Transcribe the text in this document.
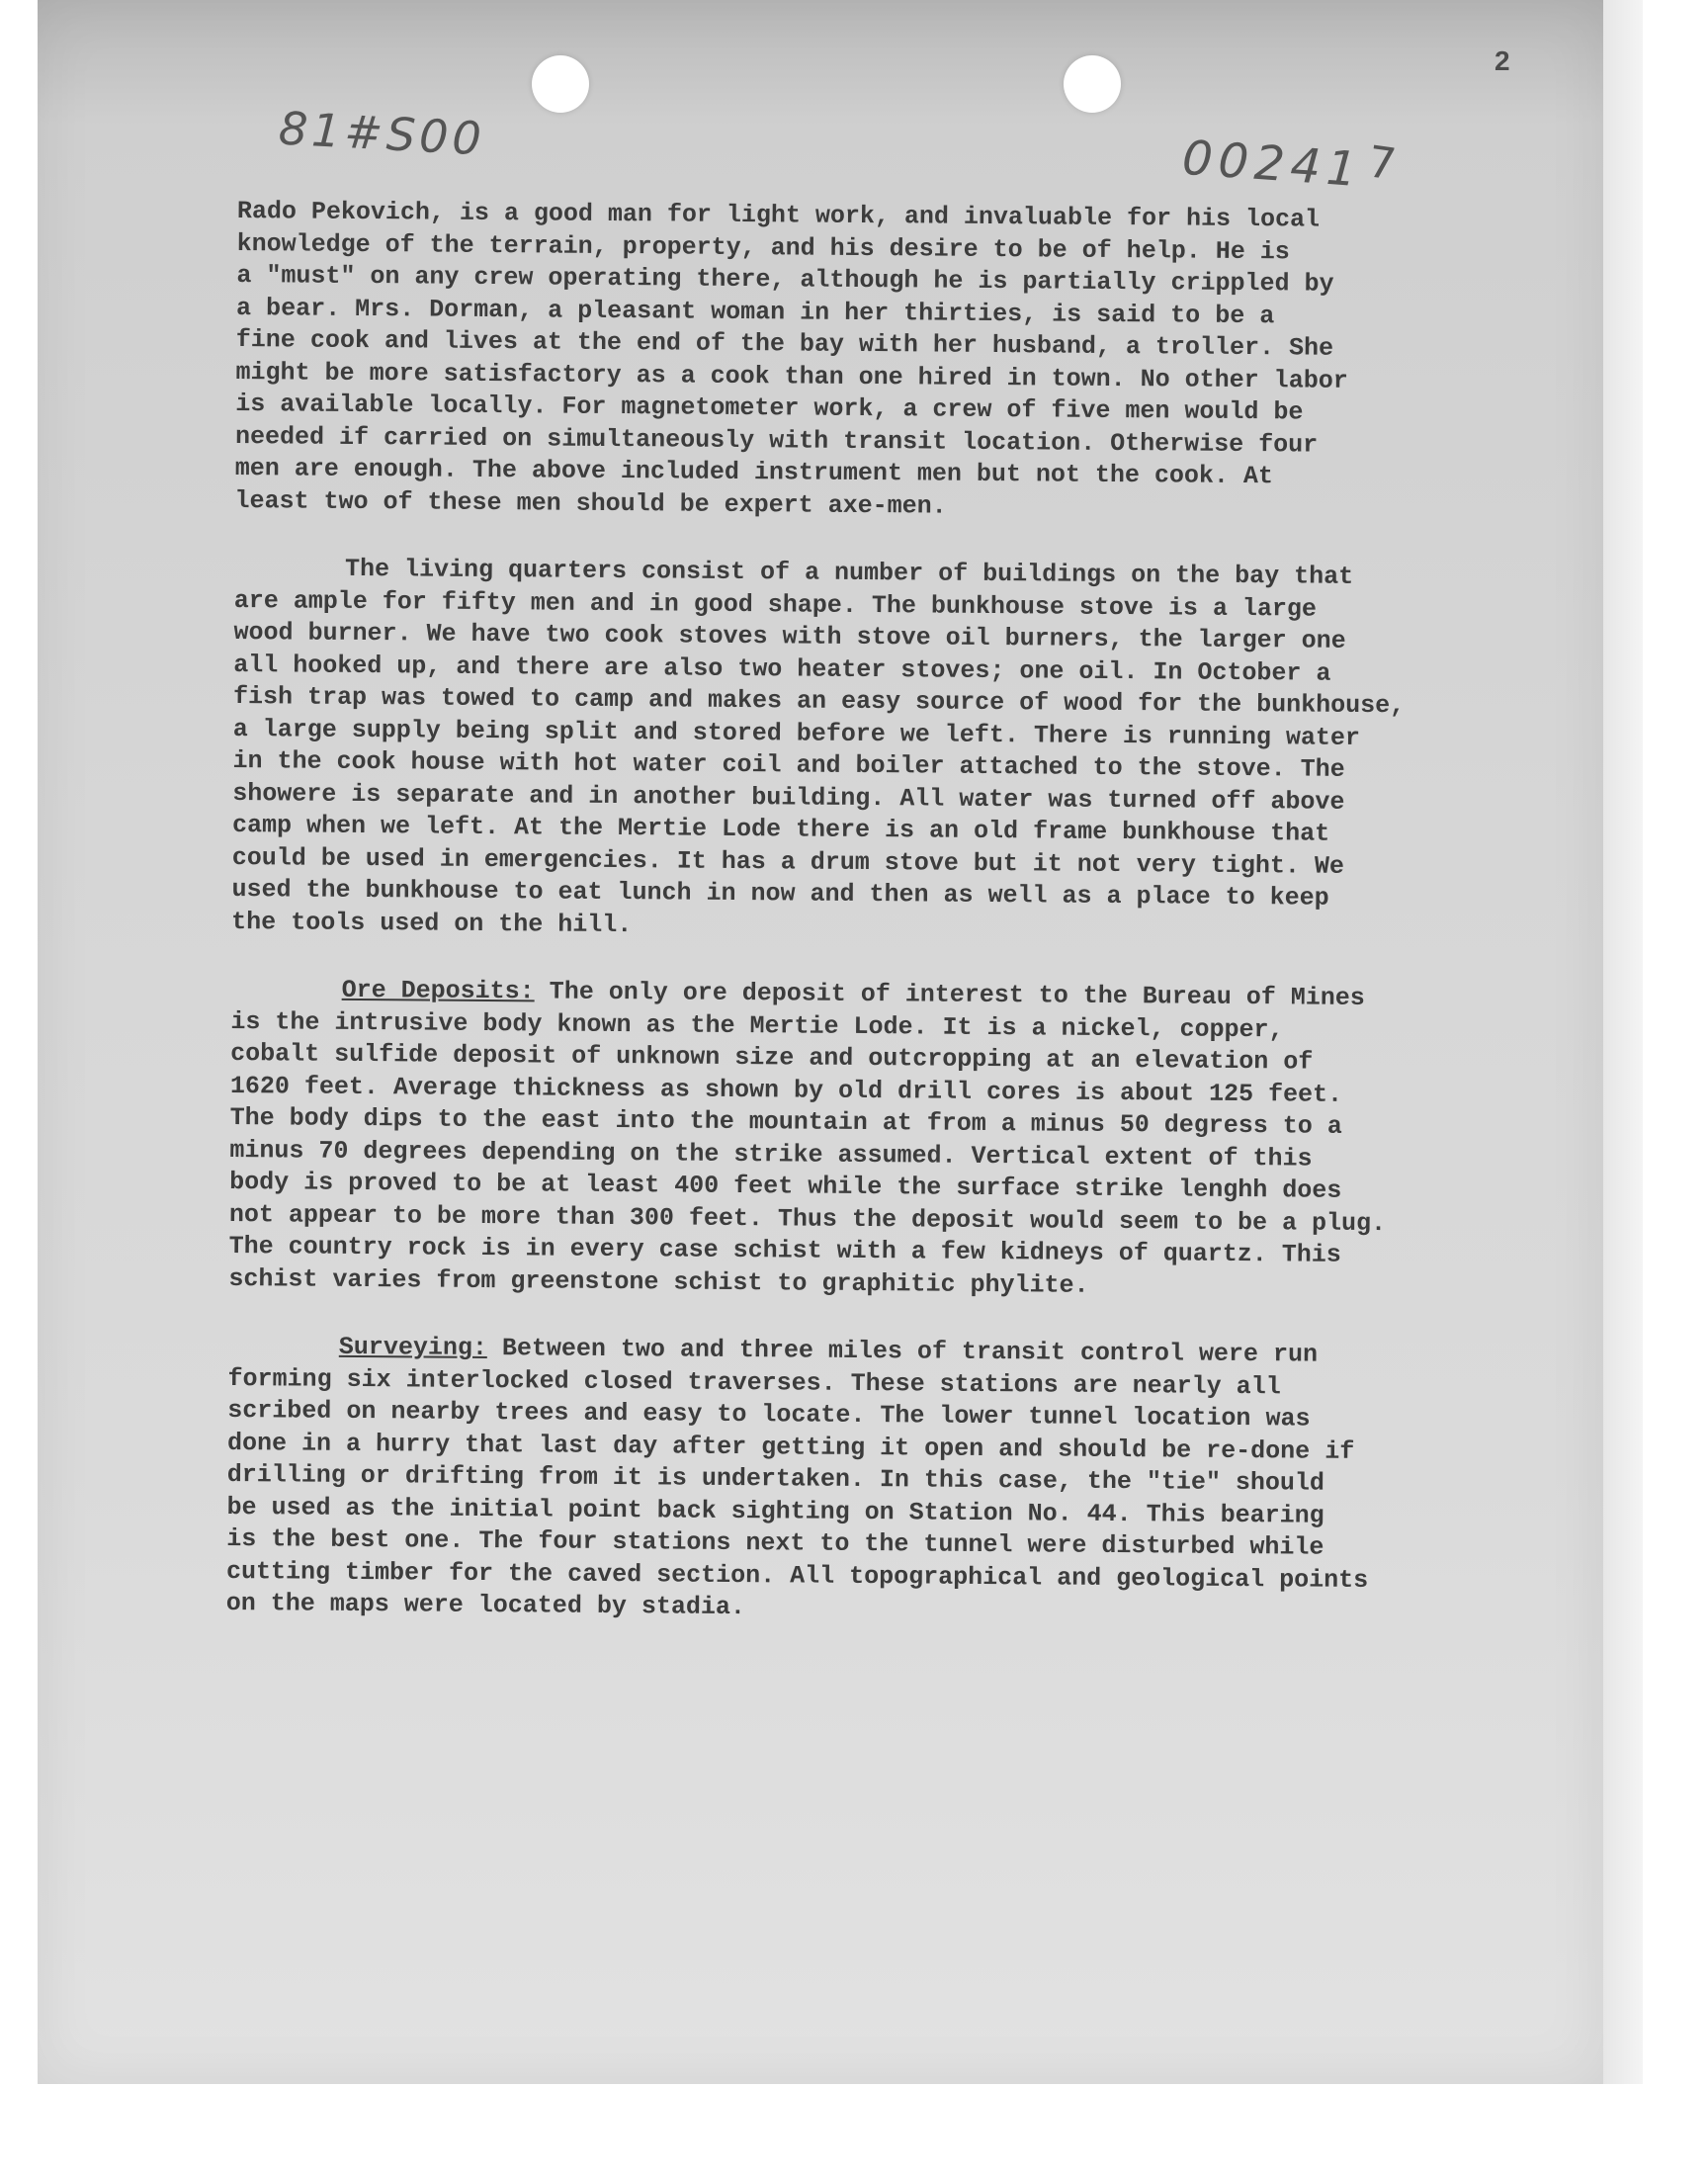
2
81#S00	00241 7
Rado Pekovich, is a good man for light work, and invaluable for his local
knowledge of the terrain, property, and his desire to be of help. He is
a "must" on any crew operating there, although he is partially crippled by
a bear. Mrs. Dorman, a pleasant woman in her thirties, is said to be a
fine cook and lives at the end of the bay with her husband, a troller. She
might be more satisfactory as a cook than one hired in town. No other labor
is available locally. For magnetometer work, a crew of five men would be
needed if carried on simultaneously with transit location. Otherwise four
men are enough. The above included instrument men but not the cook. At
least two of these men should be expert axe-men.
The living quarters consist of a number of buildings on the bay that
are ample for fifty men and in good shape. The bunkhouse stove is a large
wood burner. We have two cook stoves with stove oil burners, the larger one
all hooked up, and there are also two heater stoves; one oil. In October a
fish trap was towed to camp and makes an easy source of wood for the bunkhouse,
a large supply being split and stored before we left. There is running water
in the cook house with hot water coil and boiler attached to the stove. The
showere is separate and in another building. All water was turned off above
camp when we left. At the Mertie Lode there is an old frame bunkhouse that
could be used in emergencies. It has a drum stove but it not very tight. We
used the bunkhouse to eat lunch in now and then as well as a place to keep
the tools used on the hill.
Ore Deposits: The only ore deposit of interest to the Bureau of Mines
is the intrusive body known as the Mertie Lode. It is a nickel, copper,
cobalt sulfide deposit of unknown size and outcropping at an elevation of
1620 feet. Average thickness as shown by old drill cores is about 125 feet.
The body dips to the east into the mountain at from a minus 50 degress to a
minus 70 degrees depending on the strike assumed. Vertical extent of this
body is proved to be at least 400 feet while the surface strike lenghh does
not appear to be more than 300 feet. Thus the deposit would seem to be a plug.
The country rock is in every case schist with a few kidneys of quartz. This
schist varies from greenstone schist to graphitic phylite.
Surveying: Between two and three miles of transit control were run
forming six interlocked closed traverses. These stations are nearly all
scribed on nearby trees and easy to locate. The lower tunnel location was
done in a hurry that last day after getting it open and should be re-done if
drilling or drifting from it is undertaken. In this case, the "tie" should
be used as the initial point back sighting on Station No. 44. This bearing
is the best one. The four stations next to the tunnel were disturbed while
cutting timber for the caved section. All topographical and geological points
on the maps were located by stadia.
